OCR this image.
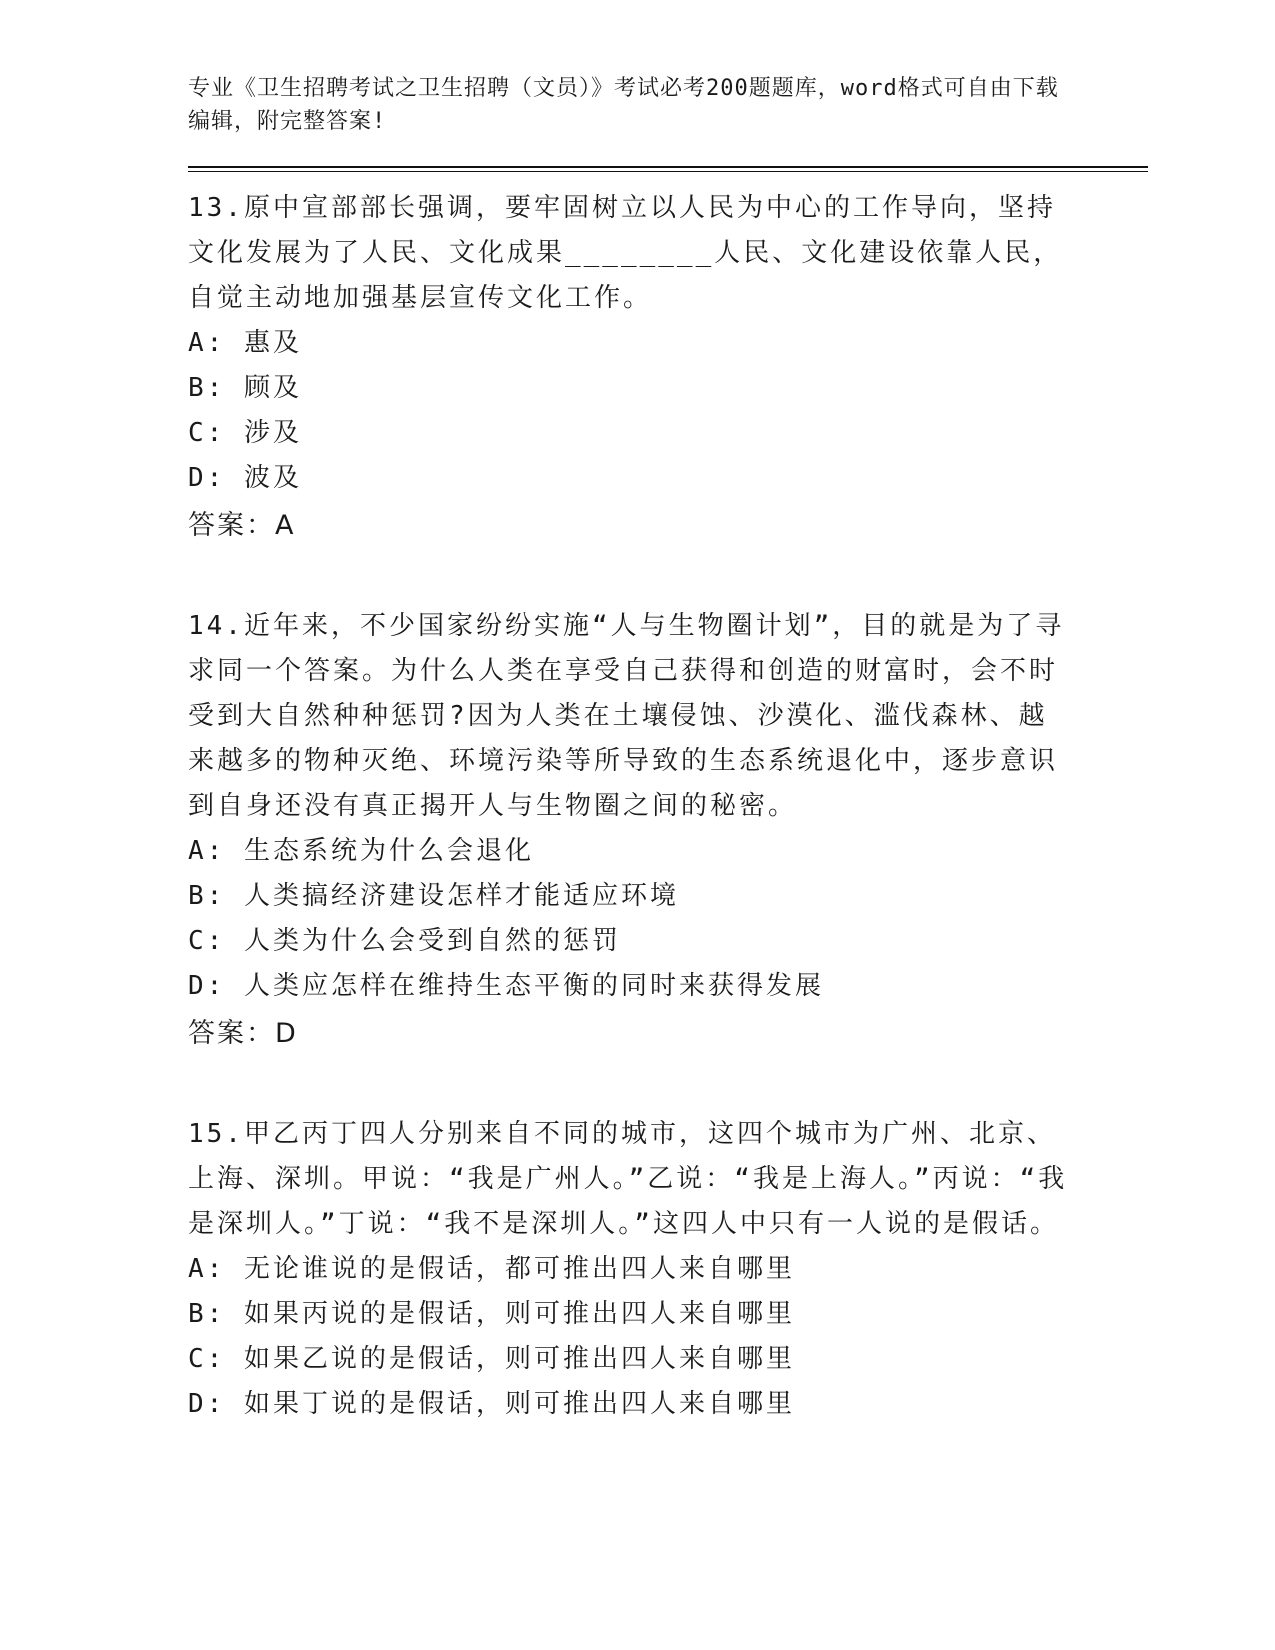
专业《卫生招聘考试之卫生招聘（文员）》考试必考200题题库，word格式可自由下载编辑，附完整答案!

13.原中宣部部长强调，要牢固树立以人民为中心的工作导向，坚持文化发展为了人民、文化成果________人民、文化建设依靠人民，自觉主动地加强基层宣传文化工作。

A: 惠及
B: 顾及
C: 涉及
D: 波及
答案：A

14.近年来，不少国家纷纷实施“人与生物圈计划”，目的就是为了寻求同一个答案。为什么人类在享受自己获得和创造的财富时，会不时受到大自然种种惩罚?因为人类在土壤侵蚀、沙漠化、滥伐森林、越来越多的物种灭绝、环境污染等所导致的生态系统退化中，逐步意识到自身还没有真正揭开人与生物圈之间的秘密。

A: 生态系统为什么会退化
B: 人类搞经济建设怎样才能适应环境
C: 人类为什么会受到自然的惩罚
D: 人类应怎样在维持生态平衡的同时来获得发展
答案：D

15.甲乙丙丁四人分别来自不同的城市，这四个城市为广州、北京、上海、深圳。甲说：“我是广州人。”乙说：“我是上海人。”丙说：“我是深圳人。”丁说：“我不是深圳人。”这四人中只有一人说的是假话。

A: 无论谁说的是假话，都可推出四人来自哪里
B: 如果丙说的是假话，则可推出四人来自哪里
C: 如果乙说的是假话，则可推出四人来自哪里
D: 如果丁说的是假话，则可推出四人来自哪里
